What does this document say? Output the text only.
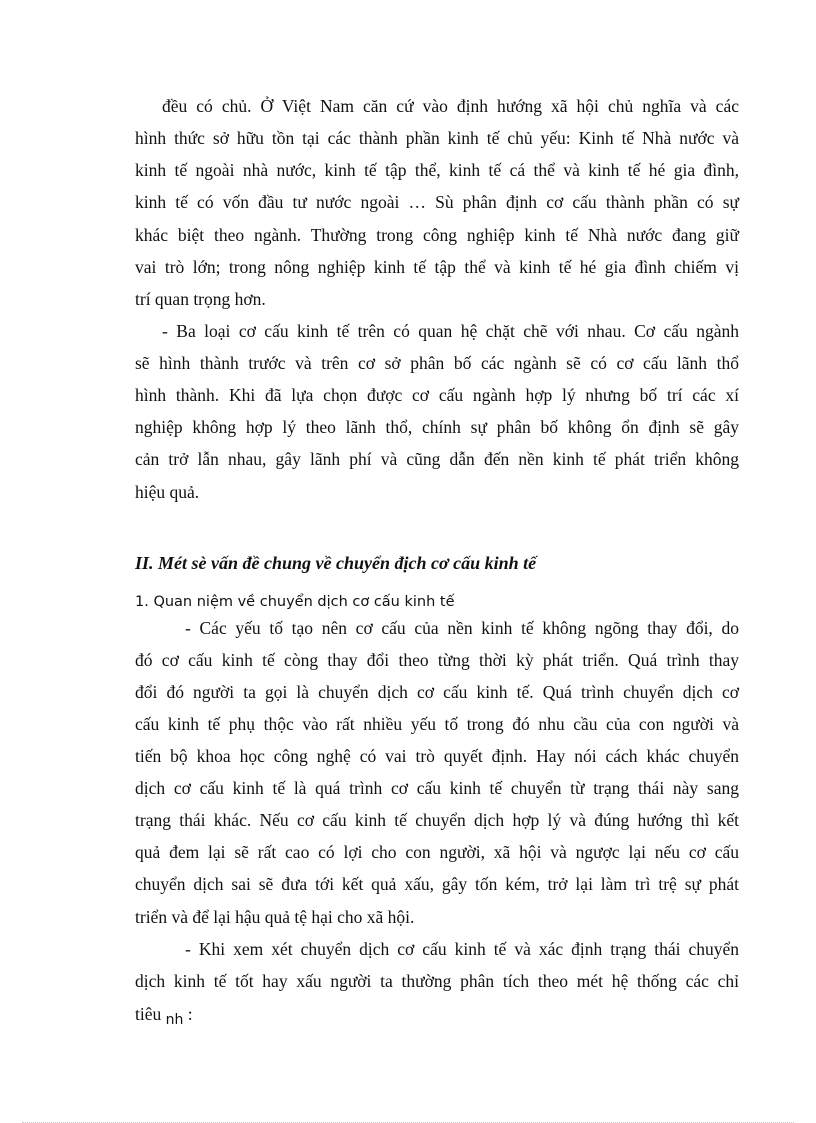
đều có chủ. Ở Việt Nam căn cứ vào định hướng xã hội chủ nghĩa và các

hình thức sở hữu tồn tại các thành phần kinh tế chủ yếu: Kinh tế Nhà nước và

kinh tế ngoài nhà nước, kinh tế tập thể, kinh tế cá thể và kinh tế hé gia đình,

kinh tế có vốn đầu tư nước ngoài … Sù phân định cơ cấu thành phần có sự

khác biệt theo ngành. Thường trong công nghiệp kinh tế Nhà nước đang giữ

vai trò lớn; trong nông nghiệp kinh tế tập thể và kinh tế hé gia đình chiếm vị

trí quan trọng hơn.

- Ba loại cơ cấu kinh tế trên có quan hệ chặt chẽ với nhau. Cơ cấu ngành

sẽ hình thành trước và trên cơ sở phân bố các ngành sẽ có cơ cấu lãnh thổ

hình thành. Khi đã lựa chọn được cơ cấu ngành hợp lý nhưng bố trí các xí

nghiệp không hợp lý theo lãnh thổ, chính sự phân bố không ổn định sẽ gây

cản trở lẫn nhau, gây lãnh phí và cũng dẫn đến nền kinh tế phát triển không

hiệu quả.

II. Mét sè vấn đề chung về chuyển địch cơ cấu kinh tế
1. Quan niệm về chuyển dịch cơ cấu kinh tế

- Các yếu tố tạo nên cơ cấu của nền kinh tế không ngõng thay đổi, do

đó cơ cấu kinh tế còng thay đổi theo từng thời kỳ phát triển. Quá trình thay

đổi đó người ta gọi là chuyển dịch cơ cấu kinh tế. Quá trình chuyển dịch cơ

cấu kinh tế phụ thộc vào rất nhiều yếu tố trong đó nhu cầu của con người và

tiến bộ khoa học công nghệ có vai trò quyết định. Hay nói cách khác chuyển

dịch cơ cấu kinh tế là quá trình cơ cấu kinh tế chuyển từ trạng thái này sang

trạng thái khác. Nếu cơ cấu kinh tế chuyển dịch hợp lý và đúng hướng thì kết

quả đem lại sẽ rất cao có lợi cho con người, xã hội và ngược lại nếu cơ cấu

chuyển dịch sai sẽ đưa tới kết quả xấu, gây tốn kém, trở lại làm trì trệ sự phát

triển và để lại hậu quả tệ hại cho xã hội.

- Khi xem xét chuyển dịch cơ cấu kinh tế và xác định trạng thái chuyển

dịch kinh tế tốt hay xấu người ta thường phân tích theo mét hệ thống các chỉ

tiêu $_{nh}$ :
